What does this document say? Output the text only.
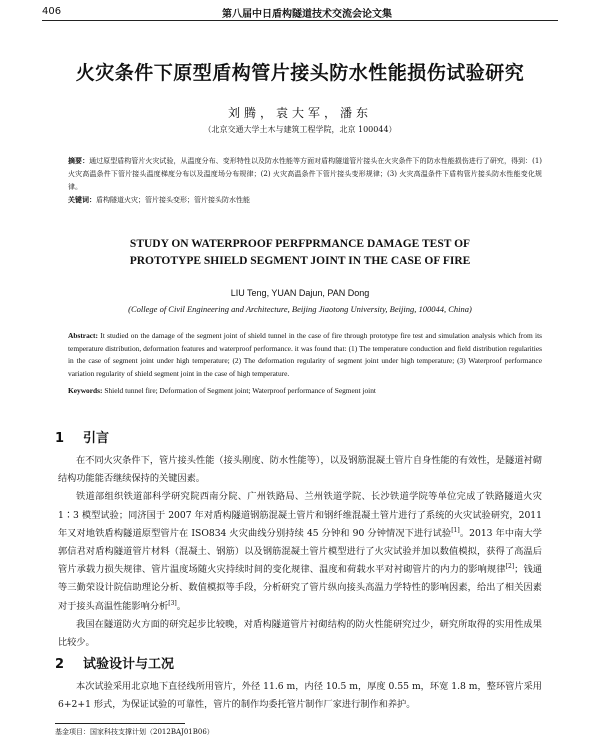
406	第八届中日盾构隧道技术交流会论文集
火灾条件下原型盾构管片接头防水性能损伤试验研究
刘腾，袁大军，潘东
（北京交通大学土木与建筑工程学院，北京 100044）
摘要：通过原型盾构管片火灾试验，从温度分布、变形特性以及防水性能等方面对盾构隧道管片接头在火灾条件下的防水性能损伤进行了研究，得到：(1) 火灾高温条件下管片接头温度梯度分布以及温度场分布规律；(2) 火灾高温条件下管片接头变形规律；(3) 火灾高温条件下盾构管片接头防水性能变化规律。
关键词：盾构隧道火灾；管片接头变形；管片接头防水性能
STUDY ON WATERPROOF PERFPRMANCE DAMAGE TEST OF
PROTOTYPE SHIELD SEGMENT JOINT IN THE CASE OF FIRE
LIU Teng, YUAN Dajun, PAN Dong
(College of Civil Engineering and Architecture, Beijing Jiaotong University, Beijing, 100044, China)
Abstract: It studied on the damage of the segment joint of shield tunnel in the case of fire through prototype fire test and simulation analysis which from its temperature distribution, deformation features and waterproof performance. it was found that: (1) The temperature conduction and field distribution regularities in the case of segment joint under high temperature; (2) The deformation regularity of segment joint under high temperature; (3) Waterproof performance variation regularity of shield segment joint in the case of high temperature.
Keywords: Shield tunnel fire; Deformation of Segment joint; Waterproof performance of Segment joint
1 引言

在不同火灾条件下，管片接头性能（接头刚度、防水性能等），以及钢筋混凝土管片自身性能的有效性，是隧道衬砌结构功能能否继续保持的关键因素。

铁道部组织铁道部科学研究院西南分院、广州铁路局、兰州铁道学院、长沙铁道学院等单位完成了铁路隧道火灾 1∶3 模型试验；同济国于 2007 年对盾构隧道钢筋混凝土管片和钢纤维混凝土管片进行了系统的火灾试验研究，2011 年又对地铁盾构隧道原型管片在 ISO834 火灾曲线分别持续 45 分钟和 90 分钟情况下进行试验[1]。2013 年中南大学郭信君对盾构隧道管片材料（混凝土、钢筋）以及钢筋混凝土管片模型进行了火灾试验并加以数值模拟，获得了高温后管片承载力损失规律、管片温度场随火灾持续时间的变化规律、温度和荷载水平对衬砌管片的内力的影响规律[2]；钱通等三勤荣设计院信助理论分析、数值模拟等手段，分析研究了管片纵向接头高温力学特性的影响因素，给出了相关因素对于接头高温性能影响分析[3]。

我国在隧道防火方面的研究起步比较晚，对盾构隧道管片衬砌结构的防火性能研究过少，研究所取得的实用性成果比较少。

2 试验设计与工况

本次试验采用北京地下直径线所用管片，外径 11.6 m，内径 10.5 m，厚度 0.55 m，环宽 1.8 m，整环管片采用 6+2+1 形式，为保证试验的可靠性，管片的制作均委托管片制作厂家进行制作和养护。

基金项目：国家科技支撑计划（2012BAJ01B06）
